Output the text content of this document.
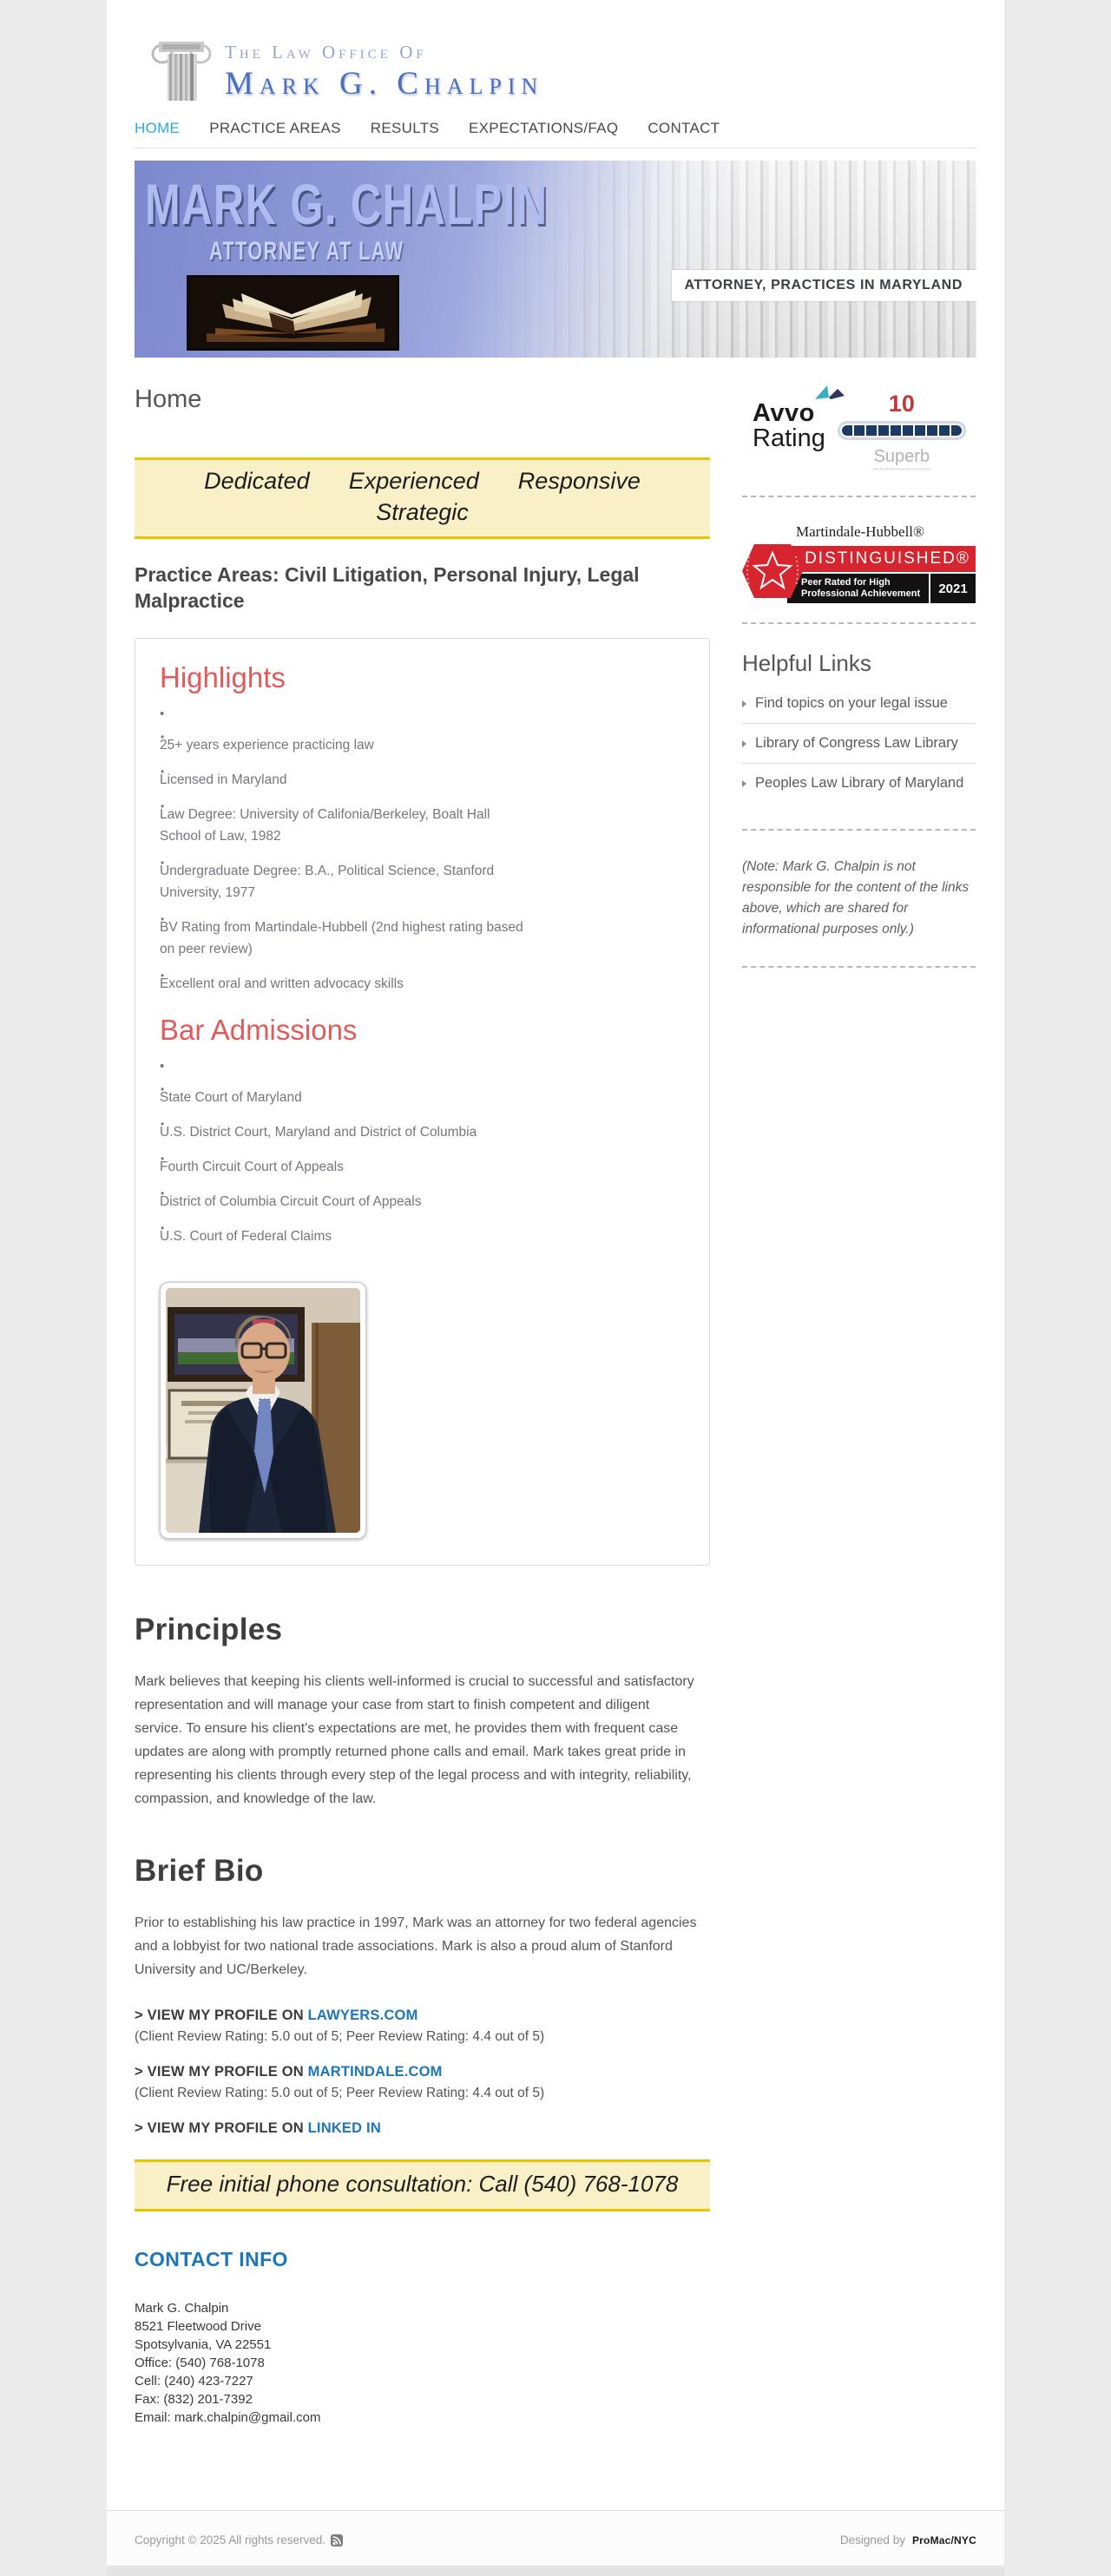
The Law Office Of
Mark G. Chalpin
HOME PRACTICE AREAS RESULTS EXPECTATIONS/FAQ CONTACT
MARK G. CHALPIN
ATTORNEY AT LAW
ATTORNEY, PRACTICES IN MARYLAND
Home
Dedicated      Experienced      Responsive
Strategic
Practice Areas: Civil Litigation, Personal Injury, Legal Malpractice
Highlights
•
• 25+ years experience practicing law
• Licensed in Maryland
• Law Degree: University of Califonia/Berkeley, Boalt Hall School of Law, 1982
• Undergraduate Degree: B.A., Political Science, Stanford University, 1977
• BV Rating from Martindale-Hubbell (2nd highest rating based on peer review)
• Excellent oral and written advocacy skills
Bar Admissions
•
• State Court of Maryland
• U.S. District Court, Maryland and District of Columbia
• Fourth Circuit Court of Appeals
• District of Columbia Circuit Court of Appeals
• U.S. Court of Federal Claims
Principles

Mark believes that keeping his clients well-informed is crucial to successful and satisfactory representation and will manage your case from start to finish competent and diligent service. To ensure his client's expectations are met, he provides them with frequent case updates are along with promptly returned phone calls and email. Mark takes great pride in representing his clients through every step of the legal process and with integrity, reliability, compassion, and knowledge of the law.

Brief Bio

Prior to establishing his law practice in 1997, Mark was an attorney for two federal agencies and a lobbyist for two national trade associations. Mark is also a proud alum of Stanford University and UC/Berkeley.

> VIEW MY PROFILE ON LAWYERS.COM
(Client Review Rating: 5.0 out of 5; Peer Review Rating: 4.4 out of 5)
> VIEW MY PROFILE ON MARTINDALE.COM
(Client Review Rating: 5.0 out of 5; Peer Review Rating: 4.4 out of 5)
> VIEW MY PROFILE ON LINKED IN
Free initial phone consultation: Call (540) 768-1078
CONTACT INFO
Mark G. Chalpin
8521 Fleetwood Drive
Spotsylvania, VA 22551
Office: (540) 768-1078
Cell: (240) 423-7227
Fax: (832) 201-7392
Email: mark.chalpin@gmail.com
Avvo
Rating
10
Superb
Martindale-Hubbell®
DISTINGUISHED®
Peer Rated for High
Professional Achievement	2021
Helpful Links
Find topics on your legal issue
Library of Congress Law Library
Peoples Law Library of Maryland

(Note: Mark G. Chalpin is not responsible for the content of the links above, which are shared for informational purposes only.)

Copyright © 2025 All rights reserved.	Designed by ProMac/NYC
